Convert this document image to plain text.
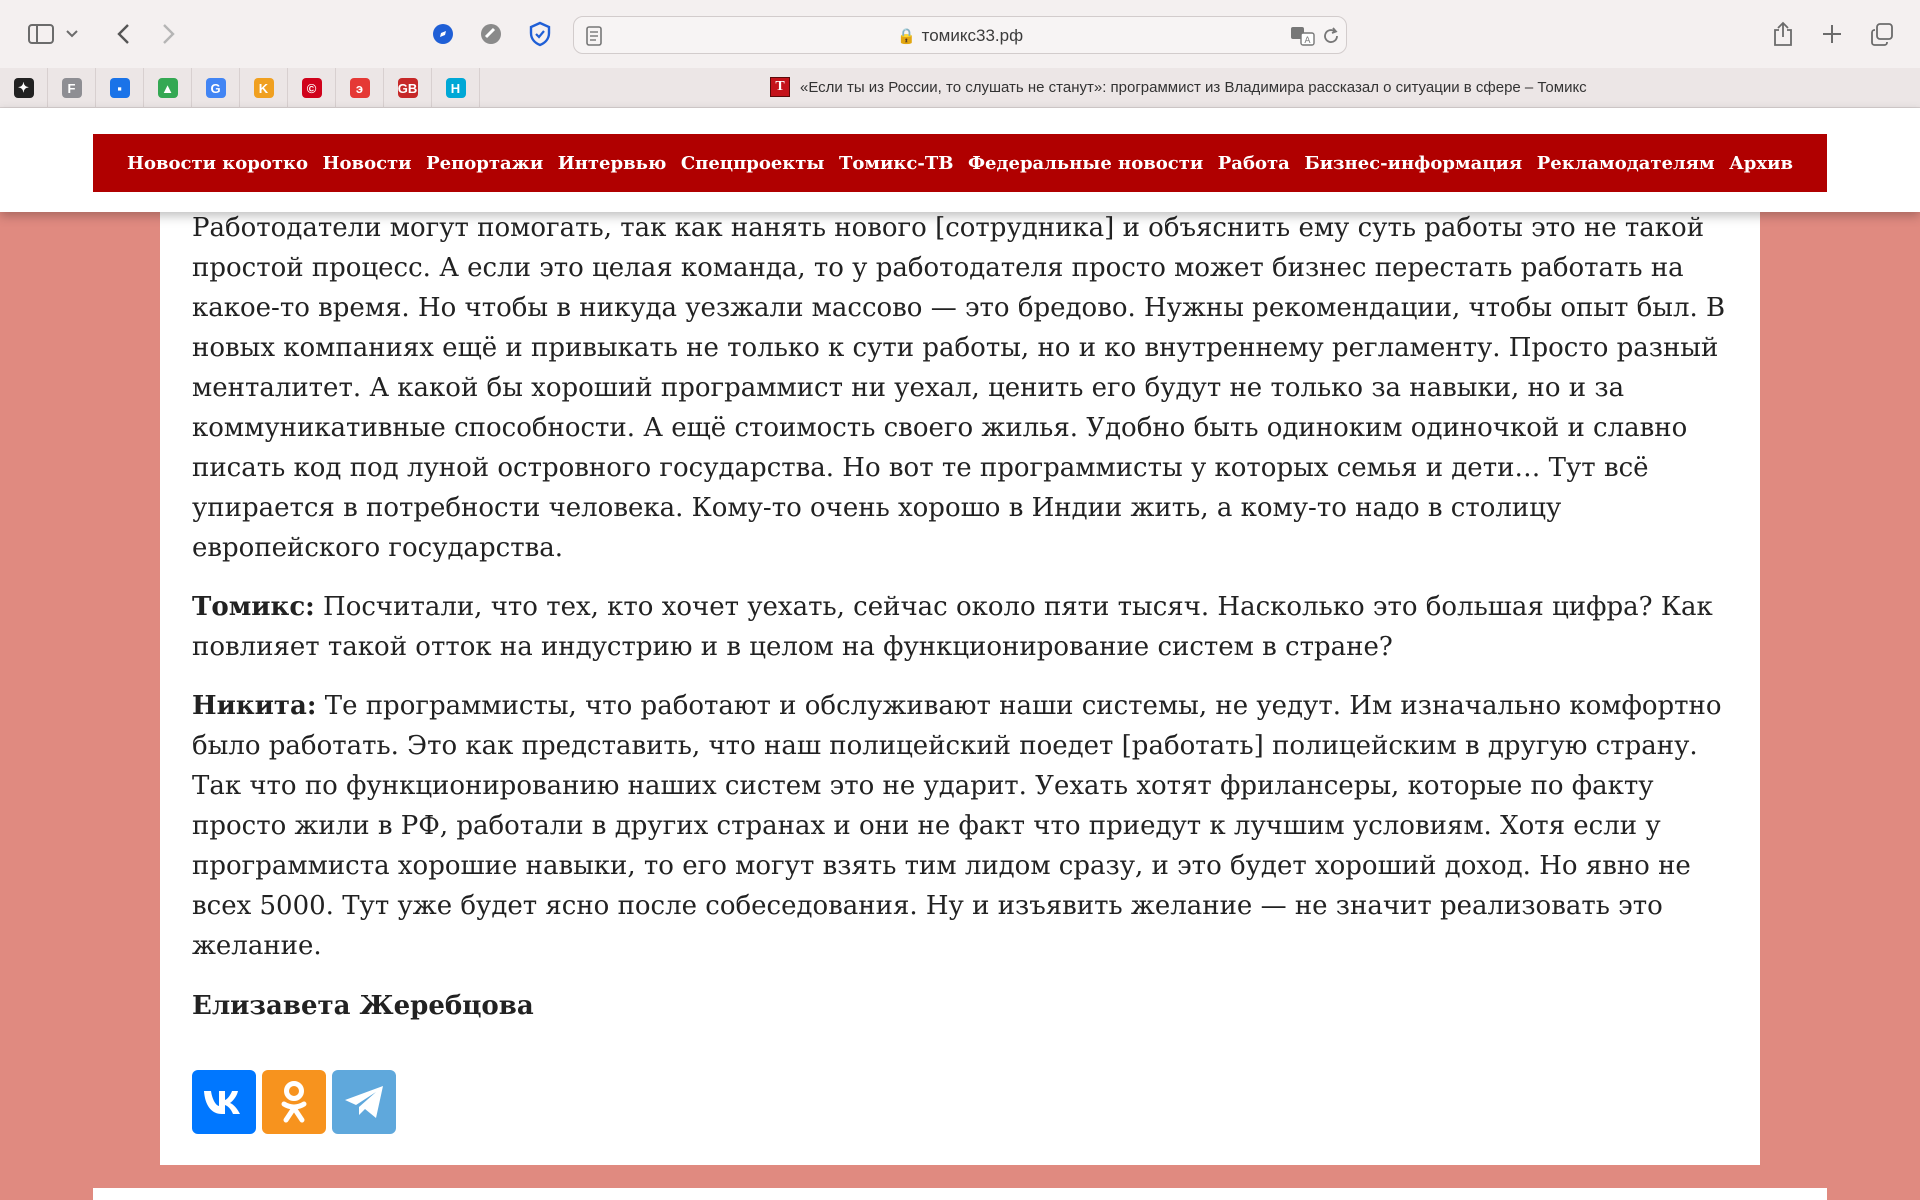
🔒 томикс33.рф	A
✦	F	▪	▲	G	K	©	э	GB	H	T	«Если ты из России, то слушать не станут»: программист из Владимира рассказал о ситуации в сфере – Томикс
Новости коротко Новости Репортажи Интервью Спецпроекты Томикс-ТВ Федеральные новости Работа Бизнес-информация Рекламодателям Архив

Работодатели могут помогать, так как нанять нового [сотрудника] и объяснить ему суть работы это не такой простой процесс. А если это целая команда, то у работодателя просто может бизнес перестать работать на какое-то время. Но чтобы в никуда уезжали массово — это бредово. Нужны рекомендации, чтобы опыт был. В новых компаниях ещё и привыкать не только к сути работы, но и ко внутреннему регламенту. Просто разный менталитет. А какой бы хороший программист ни уехал, ценить его будут не только за навыки, но и за коммуникативные способности. А ещё стоимость своего жилья. Удобно быть одиноким одиночкой и славно писать код под луной островного государства. Но вот те программисты у которых семья и дети… Тут всё упирается в потребности человека. Кому-то очень хорошо в Индии жить, а кому-то надо в столицу европейского государства.

Томикс: Посчитали, что тех, кто хочет уехать, сейчас около пяти тысяч. Насколько это большая цифра? Как повлияет такой отток на индустрию и в целом на функционирование систем в стране?

Никита: Те программисты, что работают и обслуживают наши системы, не уедут. Им изначально комфортно было работать. Это как представить, что наш полицейский поедет [работать] полицейским в другую страну. Так что по функционированию наших систем это не ударит. Уехать хотят фрилансеры, которые по факту просто жили в РФ, работали в других странах и они не факт что приедут к лучшим условиям. Хотя если у программиста хорошие навыки, то его могут взять тим лидом сразу, и это будет хороший доход. Но явно не всех 5000. Тут уже будет ясно после собеседования. Ну и изъявить желание — не значит реализовать это желание.

Елизавета Жеребцова
